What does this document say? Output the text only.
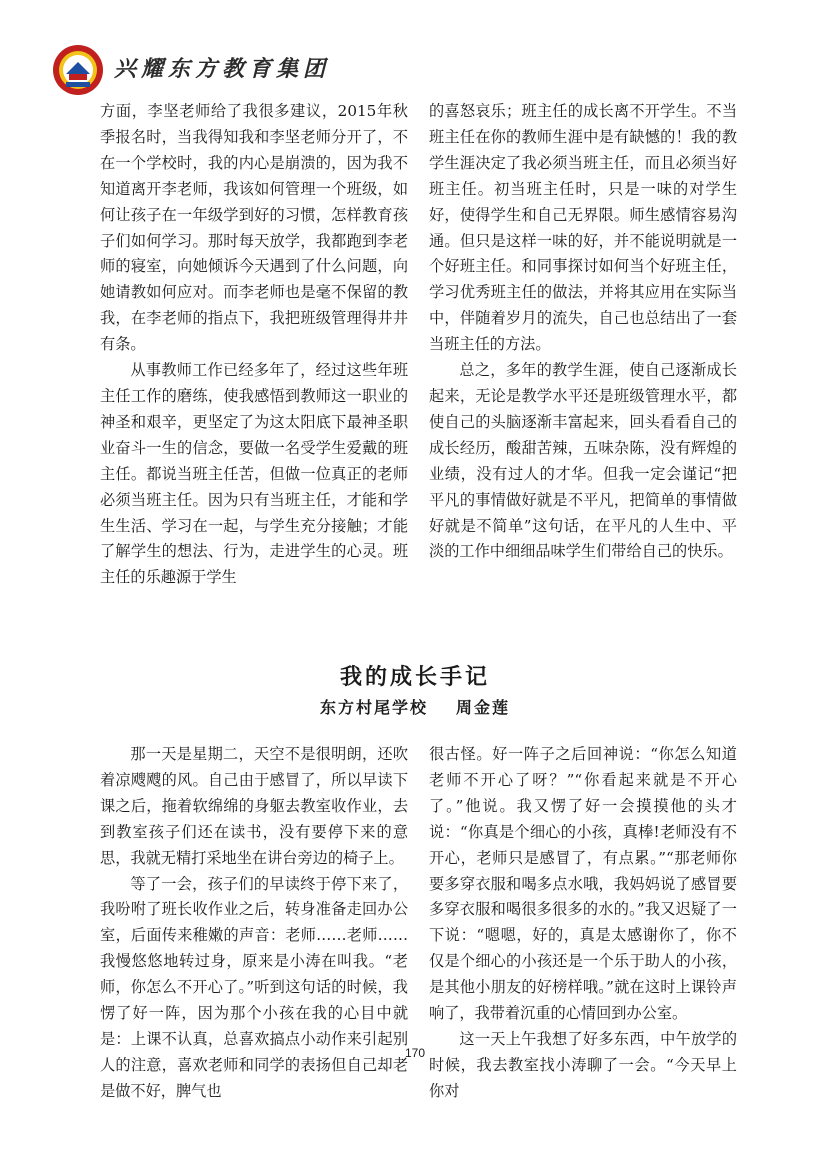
兴耀东方教育集团

方面，李坚老师给了我很多建议，2015年秋季报名时，当我得知我和李坚老师分开了，不在一个学校时，我的内心是崩溃的，因为我不知道离开李老师，我该如何管理一个班级，如何让孩子在一年级学到好的习惯，怎样教育孩子们如何学习。那时每天放学，我都跑到李老师的寝室，向她倾诉今天遇到了什么问题，向她请教如何应对。而李老师也是毫不保留的教我，在李老师的指点下，我把班级管理得井井有条。

从事教师工作已经多年了，经过这些年班主任工作的磨练，使我感悟到教师这一职业的神圣和艰辛，更坚定了为这太阳底下最神圣职业奋斗一生的信念，要做一名受学生爱戴的班主任。都说当班主任苦，但做一位真正的老师必须当班主任。因为只有当班主任，才能和学生生活、学习在一起，与学生充分接触；才能了解学生的想法、行为，走进学生的心灵。班主任的乐趣源于学生

的喜怒哀乐；班主任的成长离不开学生。不当班主任在你的教师生涯中是有缺憾的！我的教学生涯决定了我必须当班主任，而且必须当好班主任。初当班主任时，只是一味的对学生好，使得学生和自己无界限。师生感情容易沟通。但只是这样一味的好，并不能说明就是一个好班主任。和同事探讨如何当个好班主任，学习优秀班主任的做法，并将其应用在实际当中，伴随着岁月的流失，自己也总结出了一套当班主任的方法。

总之，多年的教学生涯，使自己逐渐成长起来，无论是教学水平还是班级管理水平，都使自己的头脑逐渐丰富起来，回头看看自己的成长经历，酸甜苦辣，五味杂陈，没有辉煌的业绩，没有过人的才华。但我一定会谨记“把平凡的事情做好就是不平凡，把简单的事情做好就是不简单”这句话，在平凡的人生中、平淡的工作中细细品味学生们带给自己的快乐。

我的成长手记
东方村尾学校 周金莲

那一天是星期二，天空不是很明朗，还吹着凉飕飕的风。自己由于感冒了，所以早读下课之后，拖着软绵绵的身躯去教室收作业，去到教室孩子们还在读书，没有要停下来的意思，我就无精打采地坐在讲台旁边的椅子上。

等了一会，孩子们的早读终于停下来了，我吩咐了班长收作业之后，转身准备走回办公室，后面传来稚嫩的声音：老师……老师……我慢悠悠地转过身，原来是小涛在叫我。“老师，你怎么不开心了。”听到这句话的时候，我愣了好一阵，因为那个小孩在我的心目中就是：上课不认真，总喜欢搞点小动作来引起别人的注意，喜欢老师和同学的表扬但自己却老是做不好，脾气也

很古怪。好一阵子之后回神说：“你怎么知道老师不开心了呀？”“你看起来就是不开心了。”他说。我又愣了好一会摸摸他的头才说：“你真是个细心的小孩，真棒!老师没有不开心，老师只是感冒了，有点累。”“那老师你要多穿衣服和喝多点水哦，我妈妈说了感冒要多穿衣服和喝很多很多的水的。”我又迟疑了一下说：“嗯嗯，好的，真是太感谢你了，你不仅是个细心的小孩还是一个乐于助人的小孩，是其他小朋友的好榜样哦。”就在这时上课铃声响了，我带着沉重的心情回到办公室。

这一天上午我想了好多东西，中午放学的时候，我去教室找小涛聊了一会。“今天早上你对

170
